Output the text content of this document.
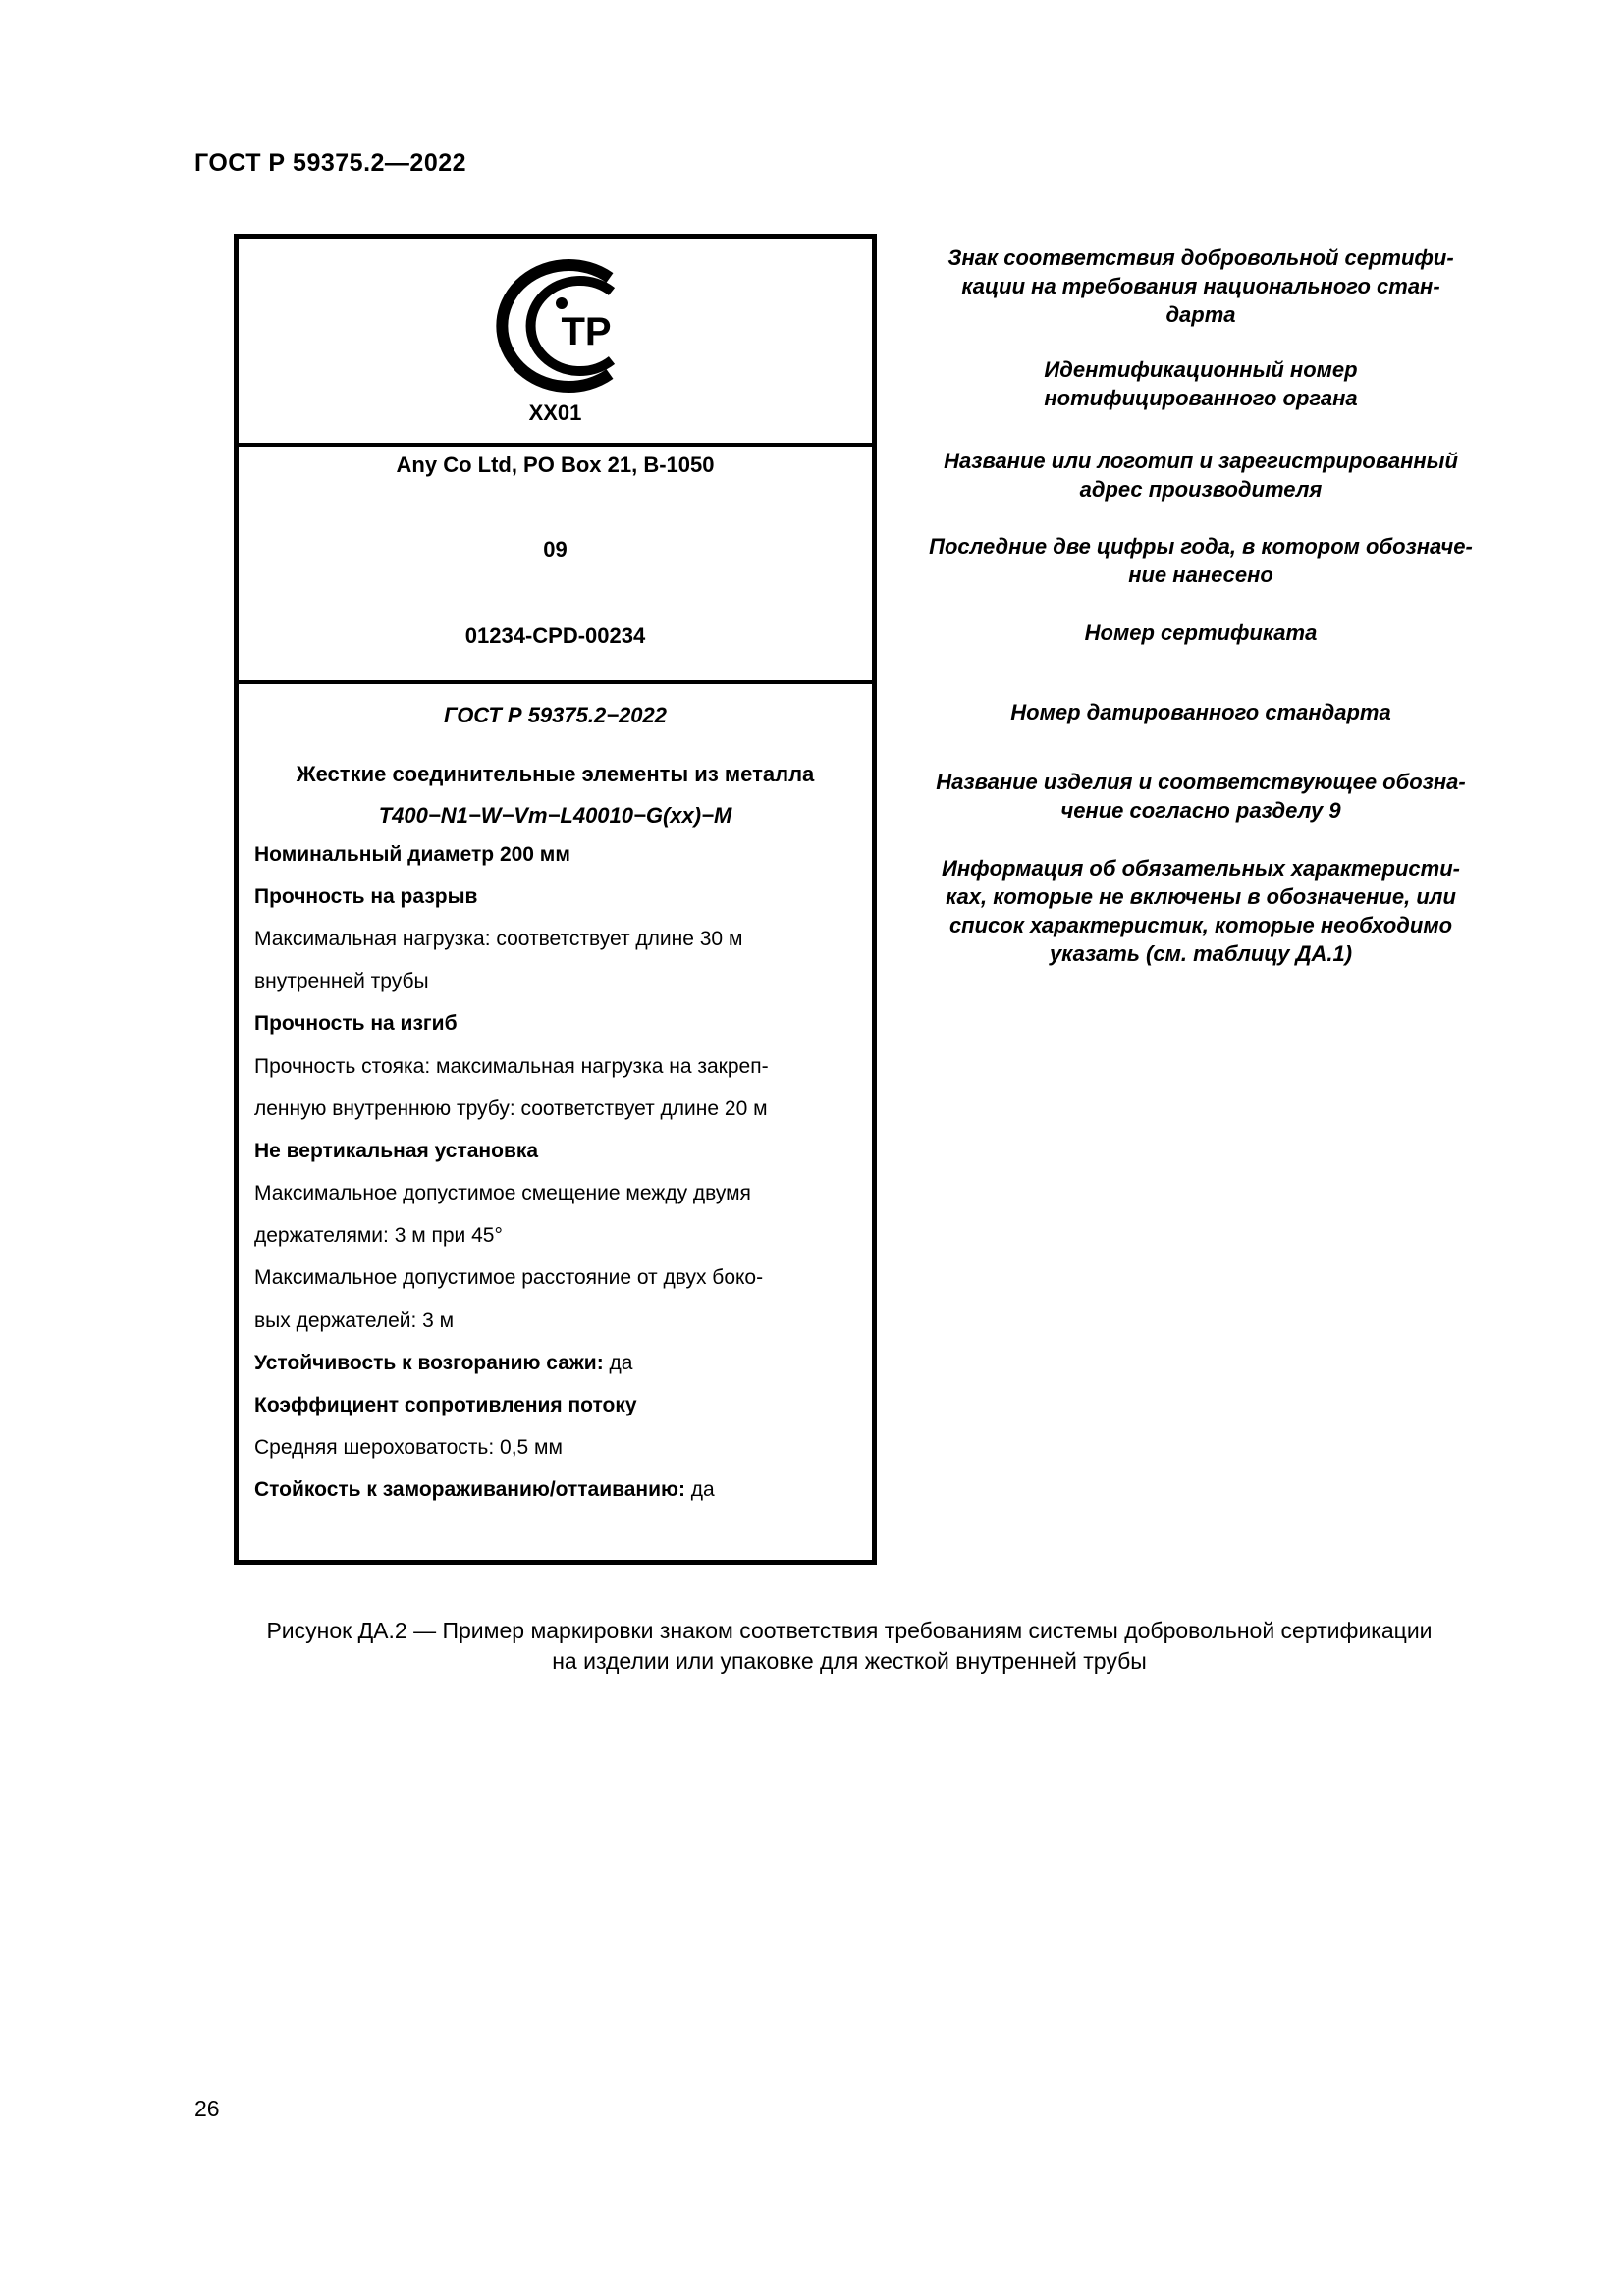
ГОСТ Р 59375.2—2022
ТР
XX01
Any Co Ltd, PO Box 21, B-1050
09
01234-CPD-00234
ГОСТ Р 59375.2−2022
Жесткие соединительные элементы из металла
Т400−N1−W−Vm−L40010−G(xx)−M
Номинальный диаметр 200 мм
Прочность на разрыв
Максимальная нагрузка: соответствует длине 30 м
внутренней трубы
Прочность на изгиб
Прочность стояка: максимальная нагрузка на закреп-
ленную внутреннюю трубу: соответствует длине 20 м
Не вертикальная установка
Максимальное допустимое смещение между двумя
держателями: 3 м при 45°
Максимальное допустимое расстояние от двух боко-
вых держателей: 3 м
Устойчивость к возгоранию сажи: да
Коэффициент сопротивления потоку
Средняя шероховатость: 0,5 мм
Стойкость к замораживанию/оттаиванию: да
Знак соответствия добровольной сертифи-
кации на требования национального стан-
дарта
Идентификационный номер
нотифицированного органа
Название или логотип и зарегистрированный
адрес производителя
Последние две цифры года, в котором обозначе-
ние нанесено
Номер сертификата
Номер датированного стандарта
Название изделия и соответствующее обозна-
чение согласно разделу 9
Информация об обязательных характеристи-
ках, которые не включены в обозначение, или
список характеристик, которые необходимо
указать (см. таблицу ДА.1)
Рисунок ДА.2 — Пример маркировки знаком соответствия требованиям системы добровольной сертификации
на изделии или упаковке для жесткой внутренней трубы
26
